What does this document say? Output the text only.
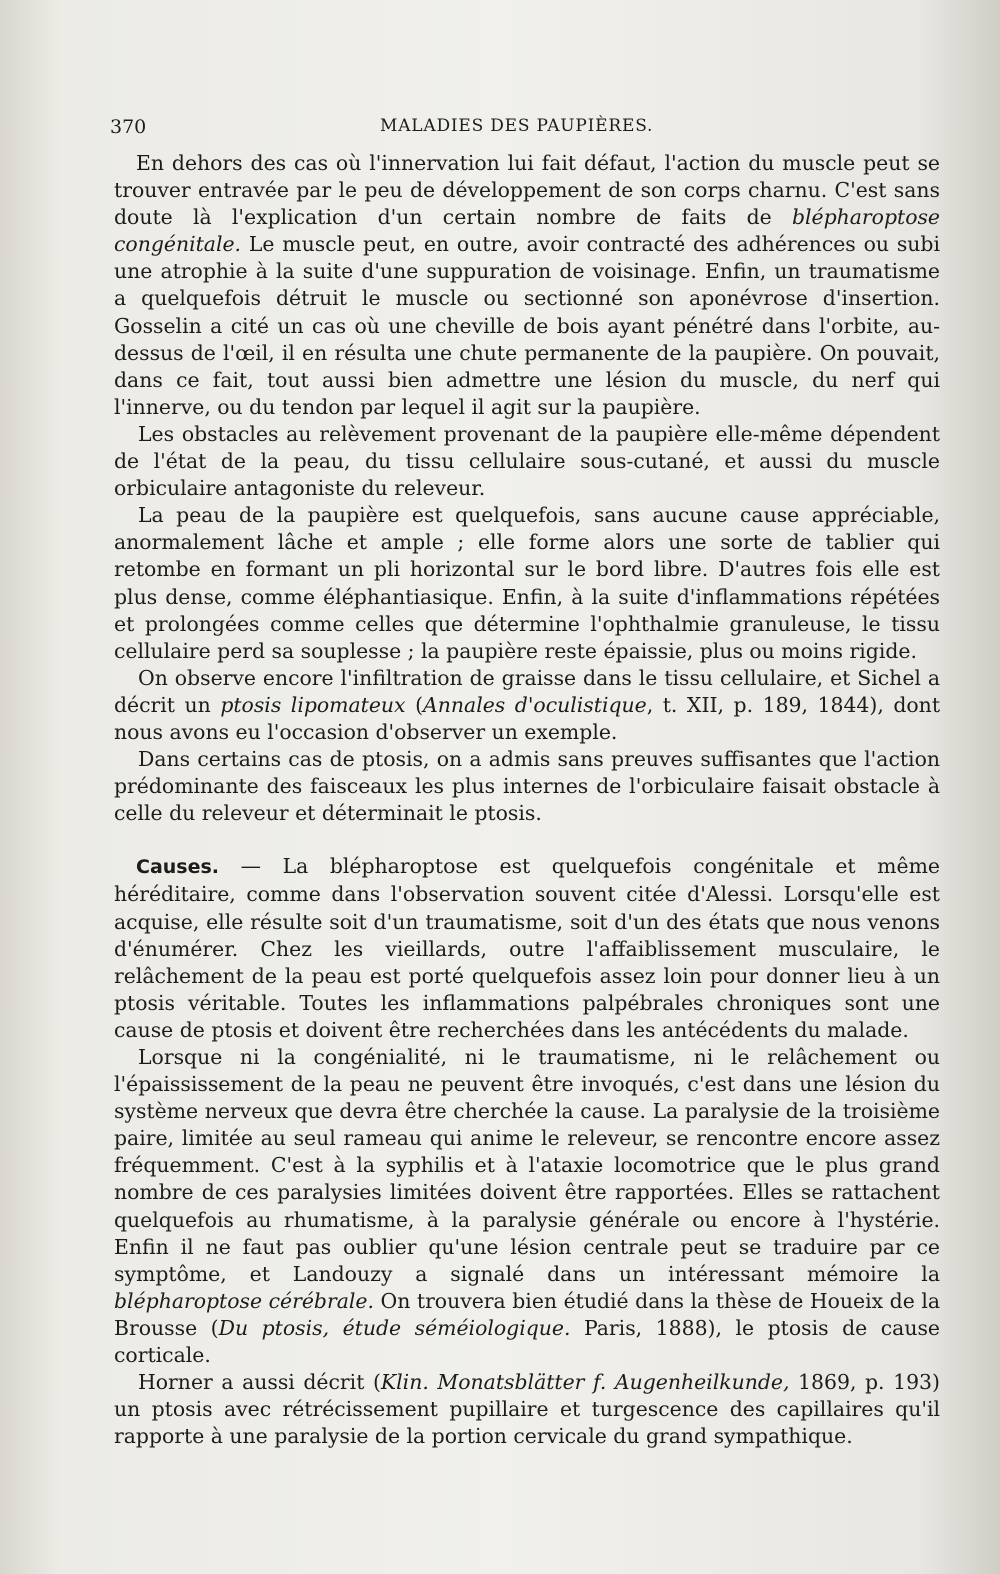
370	MALADIES DES PAUPIÈRES.

En dehors des cas où l'innervation lui fait défaut, l'action du muscle peut se trouver entravée par le peu de développement de son corps charnu. C'est sans doute là l'explication d'un certain nombre de faits de blépharoptose congénitale. Le muscle peut, en outre, avoir contracté des adhérences ou subi une atrophie à la suite d'une suppuration de voisinage. Enfin, un traumatisme a quelquefois détruit le muscle ou sectionné son aponévrose d'insertion. Gosselin a cité un cas où une cheville de bois ayant pénétré dans l'orbite, au-dessus de l'œil, il en résulta une chute permanente de la paupière. On pouvait, dans ce fait, tout aussi bien admettre une lésion du muscle, du nerf qui l'innerve, ou du tendon par lequel il agit sur la paupière.

Les obstacles au relèvement provenant de la paupière elle-même dépendent de l'état de la peau, du tissu cellulaire sous-cutané, et aussi du muscle orbiculaire antagoniste du releveur.

La peau de la paupière est quelquefois, sans aucune cause appréciable, anormalement lâche et ample ; elle forme alors une sorte de tablier qui retombe en formant un pli horizontal sur le bord libre. D'autres fois elle est plus dense, comme éléphantiasique. Enfin, à la suite d'inflammations répétées et prolongées comme celles que détermine l'ophthalmie granuleuse, le tissu cellulaire perd sa souplesse ; la paupière reste épaissie, plus ou moins rigide.

On observe encore l'infiltration de graisse dans le tissu cellulaire, et Sichel a décrit un ptosis lipomateux (Annales d'oculistique, t. XII, p. 189, 1844), dont nous avons eu l'occasion d'observer un exemple.

Dans certains cas de ptosis, on a admis sans preuves suffisantes que l'action prédominante des faisceaux les plus internes de l'orbiculaire faisait obstacle à celle du releveur et déterminait le ptosis.

Causes. — La blépharoptose est quelquefois congénitale et même héréditaire, comme dans l'observation souvent citée d'Alessi. Lorsqu'elle est acquise, elle résulte soit d'un traumatisme, soit d'un des états que nous venons d'énumérer. Chez les vieillards, outre l'affaiblissement musculaire, le relâchement de la peau est porté quelquefois assez loin pour donner lieu à un ptosis véritable. Toutes les inflammations palpébrales chroniques sont une cause de ptosis et doivent être recherchées dans les antécédents du malade.

Lorsque ni la congénialité, ni le traumatisme, ni le relâchement ou l'épaississement de la peau ne peuvent être invoqués, c'est dans une lésion du système nerveux que devra être cherchée la cause. La paralysie de la troisième paire, limitée au seul rameau qui anime le releveur, se rencontre encore assez fréquemment. C'est à la syphilis et à l'ataxie locomotrice que le plus grand nombre de ces paralysies limitées doivent être rapportées. Elles se rattachent quelquefois au rhumatisme, à la paralysie générale ou encore à l'hystérie. Enfin il ne faut pas oublier qu'une lésion centrale peut se traduire par ce symptôme, et Landouzy a signalé dans un intéressant mémoire la blépharoptose cérébrale. On trouvera bien étudié dans la thèse de Houeix de la Brousse (Du ptosis, étude séméiologique. Paris, 1888), le ptosis de cause corticale.

Horner a aussi décrit (Klin. Monatsblätter f. Augenheilkunde, 1869, p. 193) un ptosis avec rétrécissement pupillaire et turgescence des capillaires qu'il rapporte à une paralysie de la portion cervicale du grand sympathique.
